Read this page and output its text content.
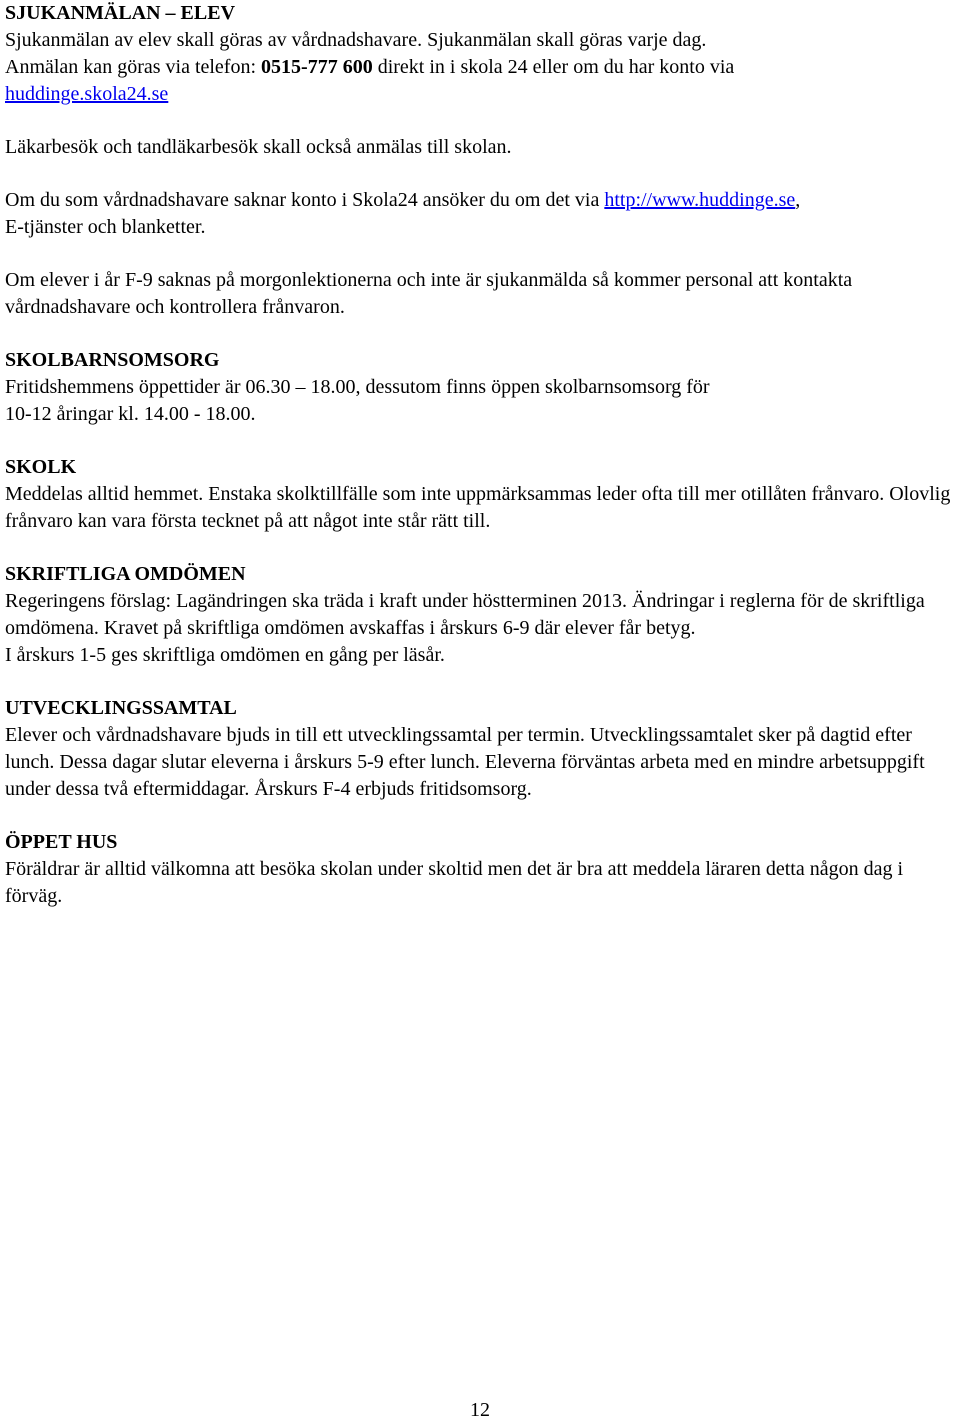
SJUKANMÄLAN – ELEV

Sjukanmälan av elev skall göras av vårdnadshavare. Sjukanmälan skall göras varje dag.

Anmälan kan göras via telefon: 0515-777 600 direkt in i skola 24 eller om du har konto via

huddinge.skola24.se

Läkarbesök och tandläkarbesök skall också anmälas till skolan.

Om du som vårdnadshavare saknar konto i Skola24 ansöker du om det via http://www.huddinge.se,

E-tjänster och blanketter.

Om elever i år F-9 saknas på morgonlektionerna och inte är sjukanmälda så kommer personal att kontakta vårdnadshavare och kontrollera frånvaron.

SKOLBARNSOMSORG

Fritidshemmens öppettider är 06.30 – 18.00, dessutom finns öppen skolbarnsomsorg för

10-12 åringar kl. 14.00 - 18.00.

SKOLK

Meddelas alltid hemmet. Enstaka skolktillfälle som inte uppmärksammas leder ofta till mer otillåten frånvaro. Olovlig frånvaro kan vara första tecknet på att något inte står rätt till.

SKRIFTLIGA OMDÖMEN

Regeringens förslag: Lagändringen ska träda i kraft under höstterminen 2013. Ändringar i reglerna för de skriftliga omdömena. Kravet på skriftliga omdömen avskaffas i årskurs 6-9 där elever får betyg.

I årskurs 1-5 ges skriftliga omdömen en gång per läsår.

UTVECKLINGSSAMTAL

Elever och vårdnadshavare bjuds in till ett utvecklingssamtal per termin. Utvecklingssamtalet sker på dagtid efter lunch. Dessa dagar slutar eleverna i årskurs 5-9 efter lunch. Eleverna förväntas arbeta med en mindre arbetsuppgift under dessa två eftermiddagar. Årskurs F-4 erbjuds fritidsomsorg.

ÖPPET HUS

Föräldrar är alltid välkomna att besöka skolan under skoltid men det är bra att meddela läraren detta någon dag i förväg.

12
